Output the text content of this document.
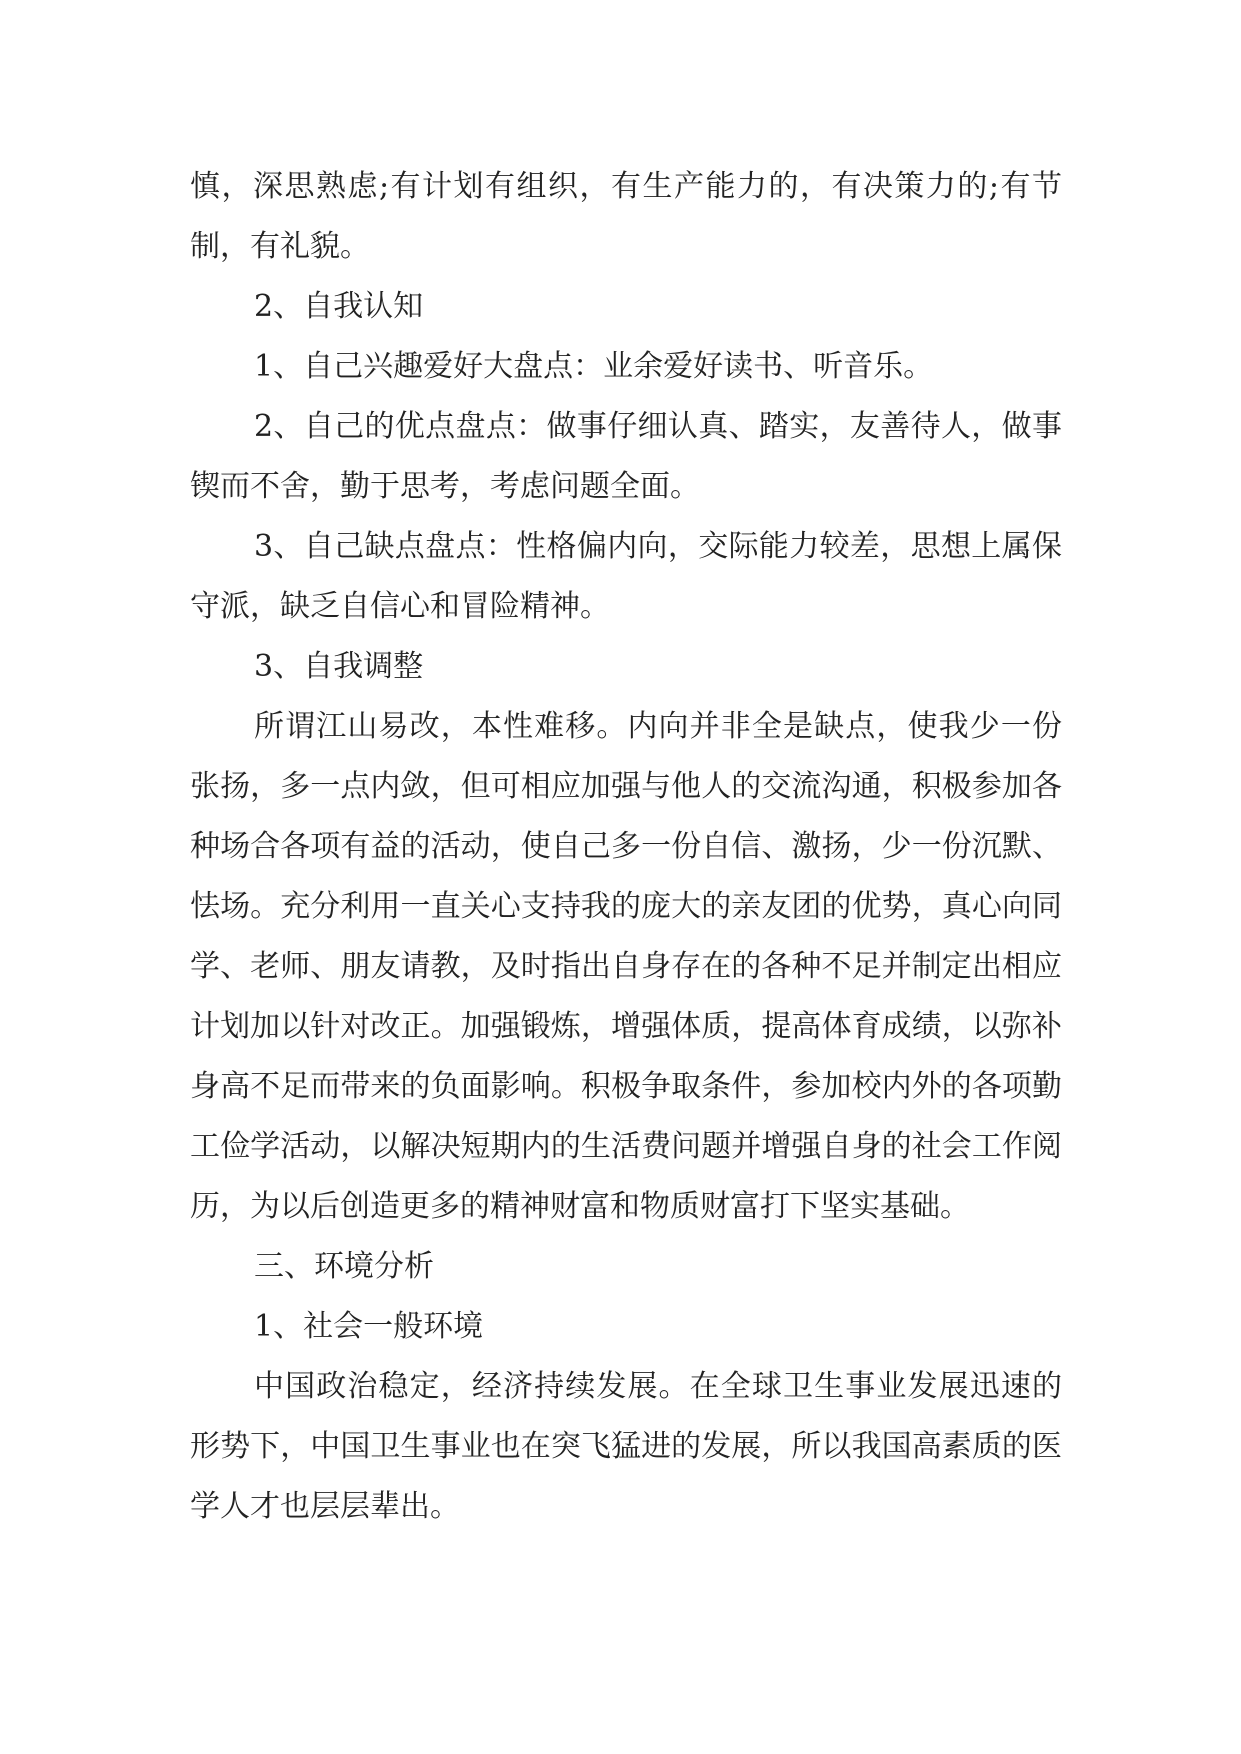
慎，深思熟虑;有计划有组织，有生产能力的，有决策力的;有节制，有礼貌。

2、自我认知

1、自己兴趣爱好大盘点：业余爱好读书、听音乐。

2、自己的优点盘点：做事仔细认真、踏实，友善待人，做事锲而不舍，勤于思考，考虑问题全面。

3、自己缺点盘点：性格偏内向，交际能力较差，思想上属保守派，缺乏自信心和冒险精神。

3、自我调整

所谓江山易改，本性难移。内向并非全是缺点，使我少一份张扬，多一点内敛，但可相应加强与他人的交流沟通，积极参加各种场合各项有益的活动，使自己多一份自信、激扬，少一份沉默、怯场。充分利用一直关心支持我的庞大的亲友团的优势，真心向同学、老师、朋友请教，及时指出自身存在的各种不足并制定出相应计划加以针对改正。加强锻炼，增强体质，提高体育成绩，以弥补身高不足而带来的负面影响。积极争取条件，参加校内外的各项勤工俭学活动，以解决短期内的生活费问题并增强自身的社会工作阅历，为以后创造更多的精神财富和物质财富打下坚实基础。

三、环境分析

1、社会一般环境

中国政治稳定，经济持续发展。在全球卫生事业发展迅速的形势下，中国卫生事业也在突飞猛进的发展，所以我国高素质的医学人才也层层辈出。
